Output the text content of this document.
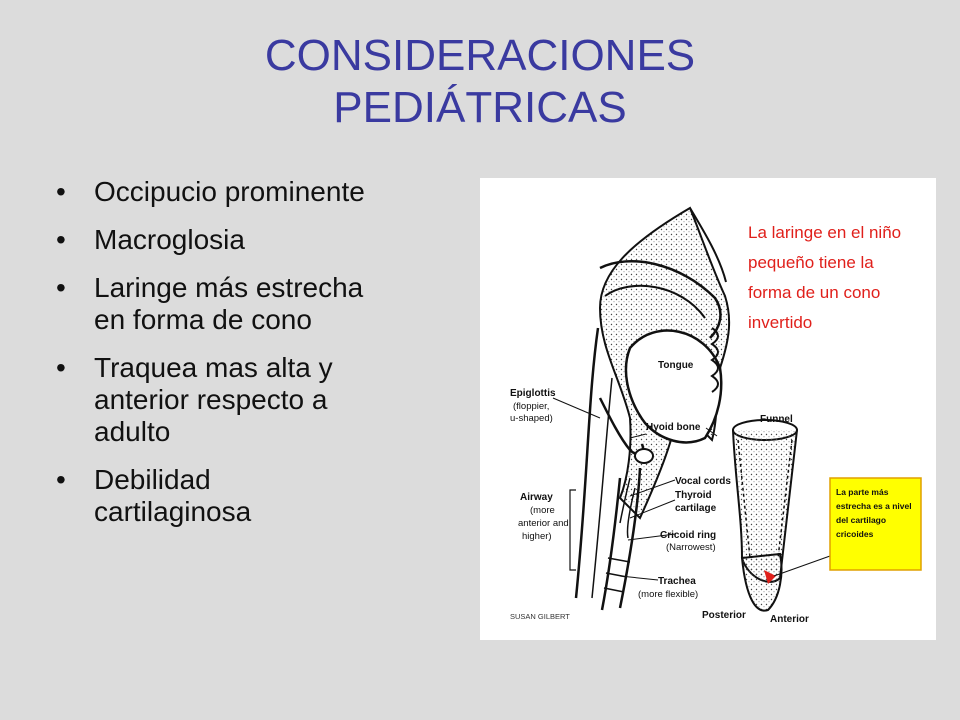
CONSIDERACIONES
PEDIÁTRICAS
• Occipucio prominente
• Macroglosia
• Laringe más estrecha
en forma de cono
• Traquea mas alta y
anterior respecto a
adulto
• Debilidad
cartilaginosa
Tongue
Epiglottis
(floppier,
u-shaped)
Hyoid bone
Funnel
Vocal cords
Thyroid
cartilage
Airway
(more
anterior and
higher)	Cricoid ring
(Narrowest)
Trachea
(more flexible)
Posterior Anterior
SUSAN GILBERT
La laringe en el niño
pequeño tiene la
forma de un cono
invertido
La parte más
estrecha es a nivel
del cartilago
cricoides
